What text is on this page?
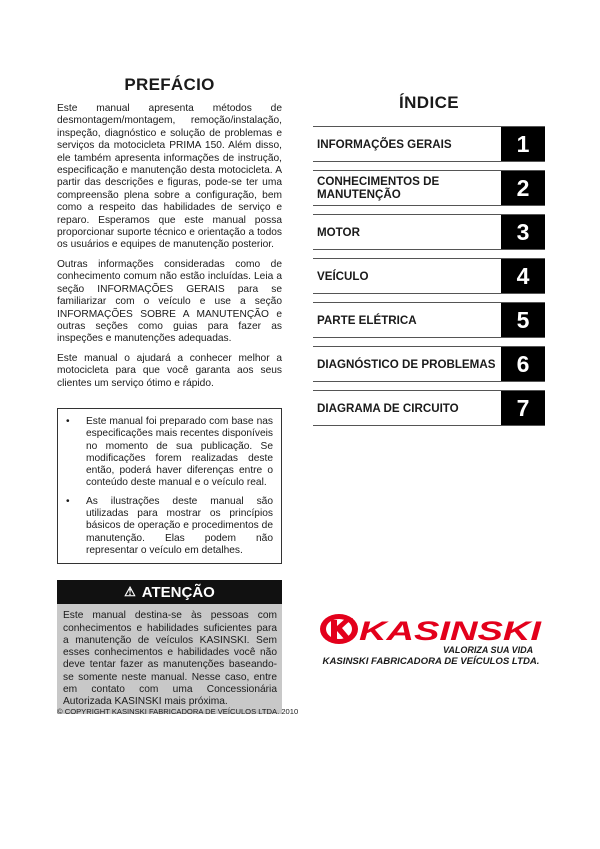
PREFÁCIO

Este manual apresenta métodos de desmontagem/montagem, remoção/instalação, inspeção, diagnóstico e solução de problemas e serviços da motocicleta PRIMA 150. Além disso, ele também apresenta informações de instrução, especificação e manutenção desta motocicleta. A partir das descrições e figuras, pode-se ter uma compreensão plena sobre a configuração, bem como a respeito das habilidades de serviço e reparo. Esperamos que este manual possa proporcionar suporte técnico e orientação a todos os usuários e equipes de manutenção posterior.

Outras informações consideradas como de conhecimento comum não estão incluídas. Leia a seção INFORMAÇÕES GERAIS para se familiarizar com o veículo e use a seção INFORMAÇÕES SOBRE A MANUTENÇÃO e outras seções como guias para fazer as inspeções e manutenções adequadas.

Este manual o ajudará a conhecer melhor a motocicleta para que você garanta aos seus clientes um serviço ótimo e rápido.

•	Este manual foi preparado com base nas especificações mais recentes disponíveis no momento de sua publicação. Se modificações forem realizadas deste então, poderá haver diferenças entre o conteúdo deste manual e o veículo real.
•	As ilustrações deste manual são utilizadas para mostrar os princípios básicos de operação e procedimentos de manutenção. Elas podem não representar o veículo em detalhes.
⚠ ATENÇÃO
Este manual destina-se às pessoas com conhecimentos e habilidades suficientes para a manutenção de veículos KASINSKI. Sem esses conhecimentos e habilidades você não deve tentar fazer as manutenções baseando-se somente neste manual. Nesse caso, entre em contato com uma Concessionária Autorizada KASINSKI mais próxima.
© COPYRIGHT KASINSKI FABRICADORA DE VEÍCULOS LTDA. 2010
ÍNDICE
INFORMAÇÕES GERAIS	1
CONHECIMENTOS DE MANUTENÇÃO	2
MOTOR	3
VEÍCULO	4
PARTE ELÉTRICA	5
DIAGNÓSTICO DE PROBLEMAS 6
DIAGRAMA DE CIRCUITO	7
KASINSKI
VALORIZA SUA VIDA
KASINSKI FABRICADORA DE VEÍCULOS LTDA.
